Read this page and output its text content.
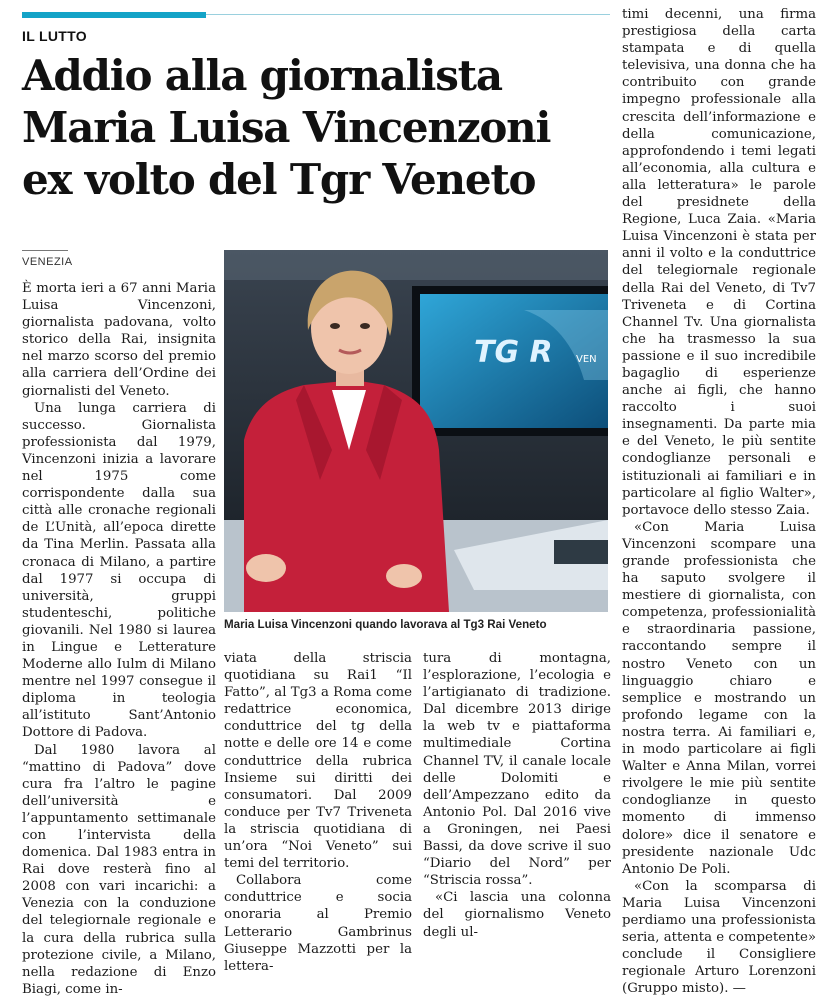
IL LUTTO
Addio alla giornalista
Maria Luisa Vincenzoni
ex volto del Tgr Veneto
VENEZIA

È morta ieri a 67 anni Maria Luisa Vincenzoni, giornalista padovana, volto storico della Rai, insignita nel marzo scorso del premio alla carriera dell’Ordine dei giornalisti del Veneto.

Una lunga carriera di successo. Giornalista professionista dal 1979, Vincenzoni inizia a lavorare nel 1975 come corrispondente dalla sua città alle cronache regionali de L’Unità, all’epoca dirette da Tina Merlin. Passata alla cronaca di Milano, a partire dal 1977 si occupa di università, gruppi studenteschi, politiche giovanili. Nel 1980 si laurea in Lingue e Letterature Moderne allo Iulm di Milano mentre nel 1997 consegue il diploma in teologia all’istituto Sant’Antonio Dottore di Padova.

Dal 1980 lavora al “mattino di Padova” dove cura fra l’altro le pagine dell’università e l’appuntamento settimanale con l’intervista della domenica. Dal 1983 entra in Rai dove resterà fino al 2008 con vari incarichi: a Venezia con la conduzione del telegiornale regionale e la cura della rubrica sulla protezione civile, a Milano, nella redazione di Enzo Biagi, come in-

TG R VEN
Maria Luisa Vincenzoni quando lavorava al Tg3 Rai Veneto

viata della striscia quotidiana su Rai1 “Il Fatto”, al Tg3 a Roma come redattrice economica, conduttrice del tg della notte e delle ore 14 e come conduttrice della rubrica Insieme sui diritti dei consumatori. Dal 2009 conduce per Tv7 Triveneta la striscia quotidiana di un’ora “Noi Veneto” sui temi del territorio.

Collabora come conduttrice e socia onoraria al Premio Letterario Gambrinus Giuseppe Mazzotti per la lettera-

tura di montagna, l’esplorazione, l’ecologia e l’artigianato di tradizione. Dal dicembre 2013 dirige la web tv e piattaforma multimediale Cortina Channel TV, il canale locale delle Dolomiti e dell’Ampezzano edito da Antonio Pol. Dal 2016 vive a Groningen, nei Paesi Bassi, da dove scrive il suo “Diario del Nord” per “Striscia rossa”.

«Ci lascia una colonna del giornalismo Veneto degli ul-

timi decenni, una firma prestigiosa della carta stampata e di quella televisiva, una donna che ha contribuito con grande impegno professionale alla crescita dell’informazione e della comunicazione, approfondendo i temi legati all’economia, alla cultura e alla letteratura» le parole del presidnete della Regione, Luca Zaia. «Maria Luisa Vincenzoni è stata per anni il volto e la conduttrice del telegiornale regionale della Rai del Veneto, di Tv7 Triveneta e di Cortina Channel Tv. Una giornalista che ha trasmesso la sua passione e il suo incredibile bagaglio di esperienze anche ai figli, che hanno raccolto i suoi insegnamenti. Da parte mia e del Veneto, le più sentite condoglianze personali e istituzionali ai familiari e in particolare al figlio Walter», portavoce dello stesso Zaia.

«Con Maria Luisa Vincenzoni scompare una grande professionista che ha saputo svolgere il mestiere di giornalista, con competenza, professionialità e straordinaria passione, raccontando sempre il nostro Veneto con un linguaggio chiaro e semplice e mostrando un profondo legame con la nostra terra. Ai familiari e, in modo particolare ai figli Walter e Anna Milan, vorrei rivolgere le mie più sentite condoglianze in questo momento di immenso dolore» dice il senatore e presidente nazionale Udc Antonio De Poli.

«Con la scomparsa di Maria Luisa Vincenzoni perdiamo una professionista seria, attenta e competente» conclude il Consigliere regionale Arturo Lorenzoni (Gruppo misto). —
